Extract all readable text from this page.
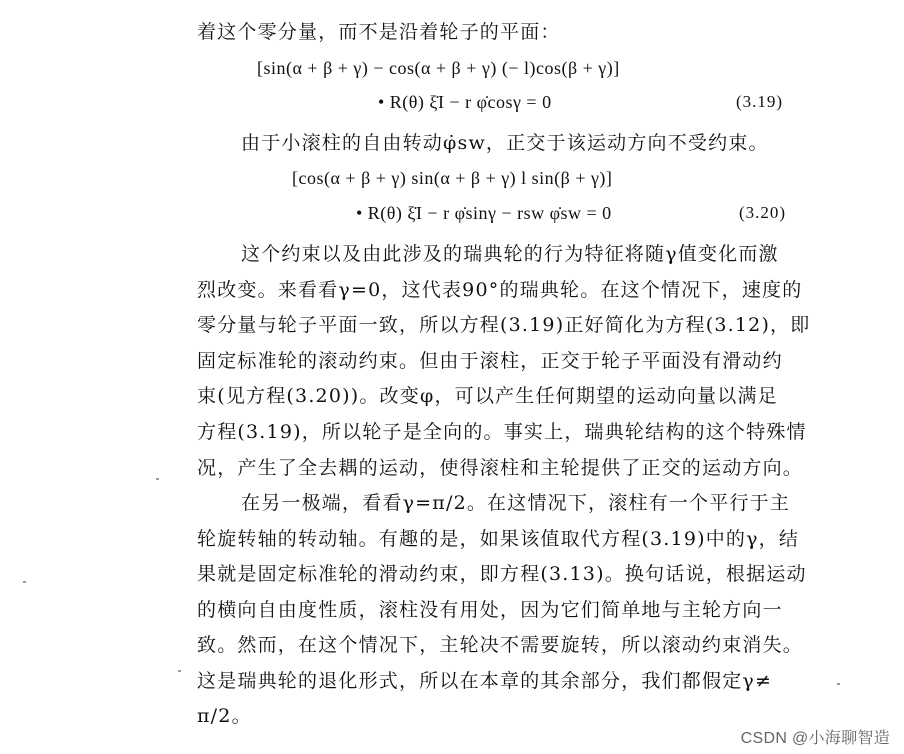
着这个零分量，而不是沿着轮子的平面：
[sin(α + β + γ) − cos(α + β + γ) (− l)cos(β + γ)]
• R(θ) ξ̇I − r φ̇cosγ = 0	(3.19)
由于小滚柱的自由转动φ̇sw，正交于该运动方向不受约束。
[cos(α + β + γ) sin(α + β + γ) l sin(β + γ)]
• R(θ) ξ̇I − r φ̇sinγ − rsw φ̇sw = 0	(3.20)
这个约束以及由此涉及的瑞典轮的行为特征将随γ值变化而激
烈改变。来看看γ=0，这代表90°的瑞典轮。在这个情况下，速度的
零分量与轮子平面一致，所以方程(3.19)正好简化为方程(3.12)，即
固定标准轮的滚动约束。但由于滚柱，正交于轮子平面没有滑动约
束(见方程(3.20))。改变φ，可以产生任何期望的运动向量以满足
方程(3.19)，所以轮子是全向的。事实上，瑞典轮结构的这个特殊情
况，产生了全去耦的运动，使得滚柱和主轮提供了正交的运动方向。
在另一极端，看看γ=π/2。在这情况下，滚柱有一个平行于主
轮旋转轴的转动轴。有趣的是，如果该值取代方程(3.19)中的γ，结
果就是固定标准轮的滑动约束，即方程(3.13)。换句话说，根据运动
的横向自由度性质，滚柱没有用处，因为它们简单地与主轮方向一
致。然而，在这个情况下，主轮决不需要旋转，所以滚动约束消失。
这是瑞典轮的退化形式，所以在本章的其余部分，我们都假定γ≠
π/2。
CSDN @小海聊智造
